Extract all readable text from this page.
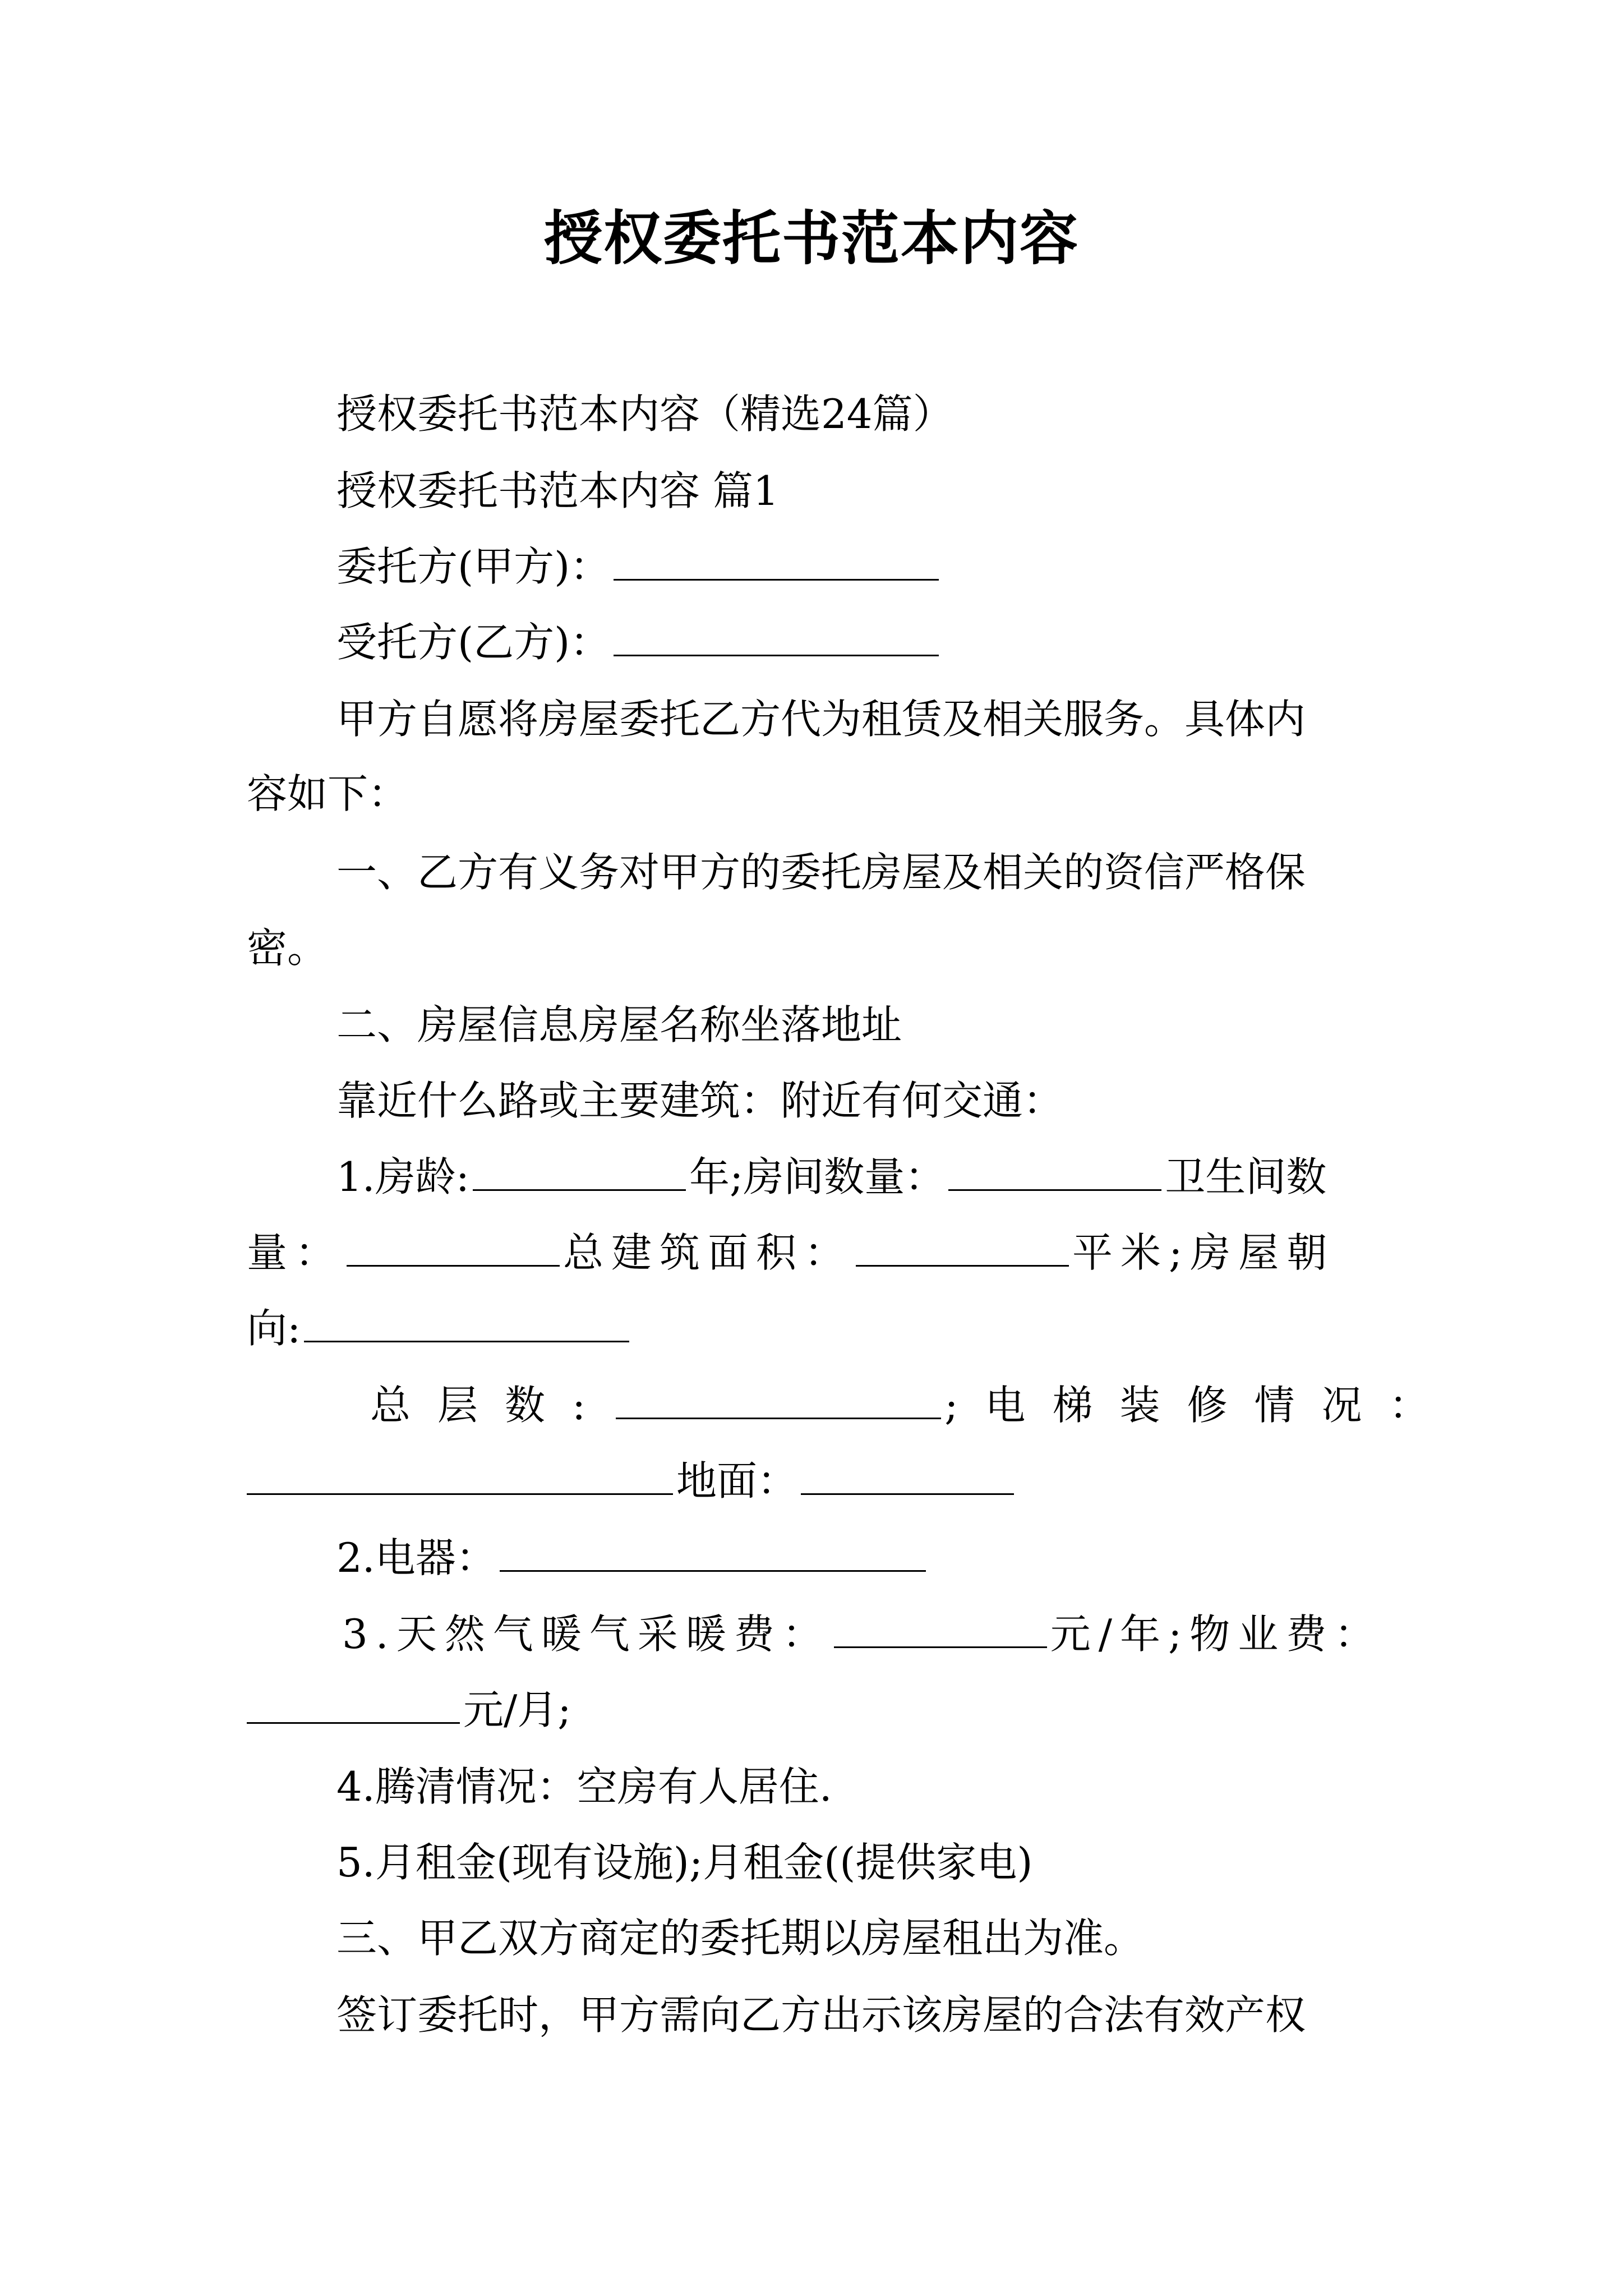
授权委托书范本内容
授权委托书范本内容（精选24篇）
授权委托书范本内容 篇1
委托方(甲方)：
受托方(乙方)：
甲方自愿将房屋委托乙方代为租赁及相关服务。具体内
容如下：
一、乙方有义务对甲方的委托房屋及相关的资信严格保
密。
二、房屋信息房屋名称坐落地址
靠近什么路或主要建筑：附近有何交通：
1.房龄:	年;房间数量：	卫生间数
量：	总建筑面积：	平米;房屋朝
向:
总层数:	;电梯装修情况：
地面：
2.电器：
3.天然气暖气采暖费：	元/年;物业费：
元/月;
4.腾清情况：空房有人居住.
5.月租金(现有设施);月租金((提供家电)
三、甲乙双方商定的委托期以房屋租出为准。
签订委托时，甲方需向乙方出示该房屋的合法有效产权
